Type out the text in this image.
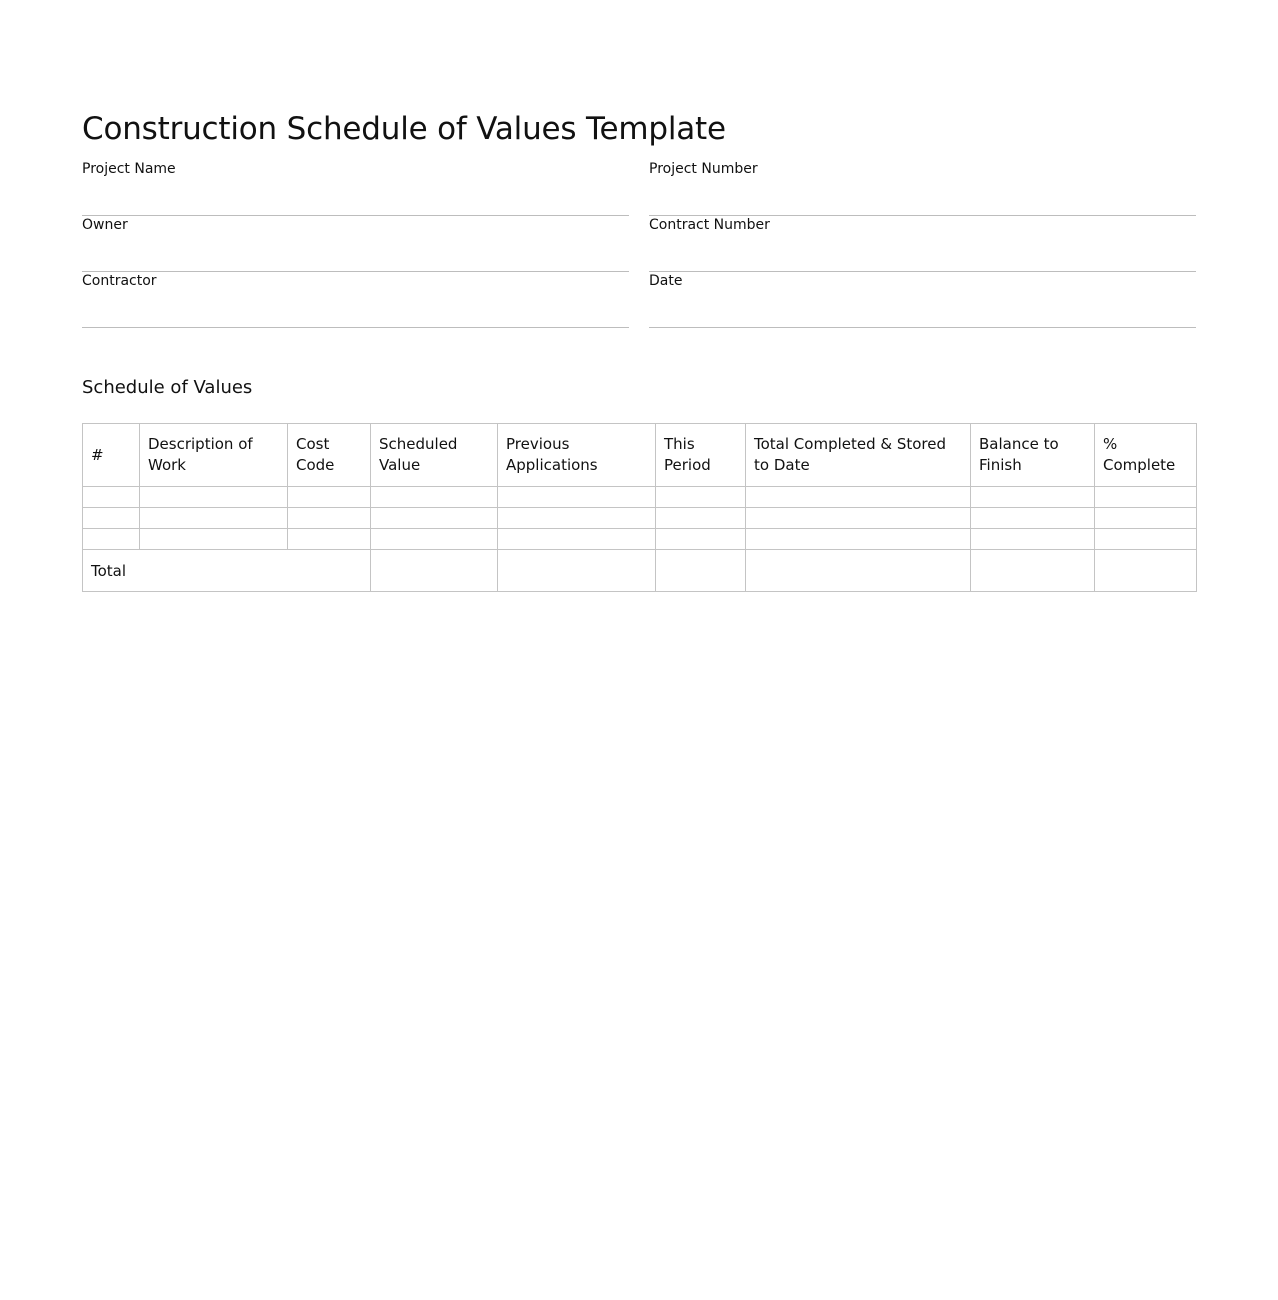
Construction Schedule of Values Template
Project Name	Project Number
Owner	Contract Number
Contractor	Date
Schedule of Values
#	Description of Work	Cost Code	Scheduled Value	Previous Applications	This Period	Total Completed & Stored to Date	Balance to Finish	% Complete

Total								
